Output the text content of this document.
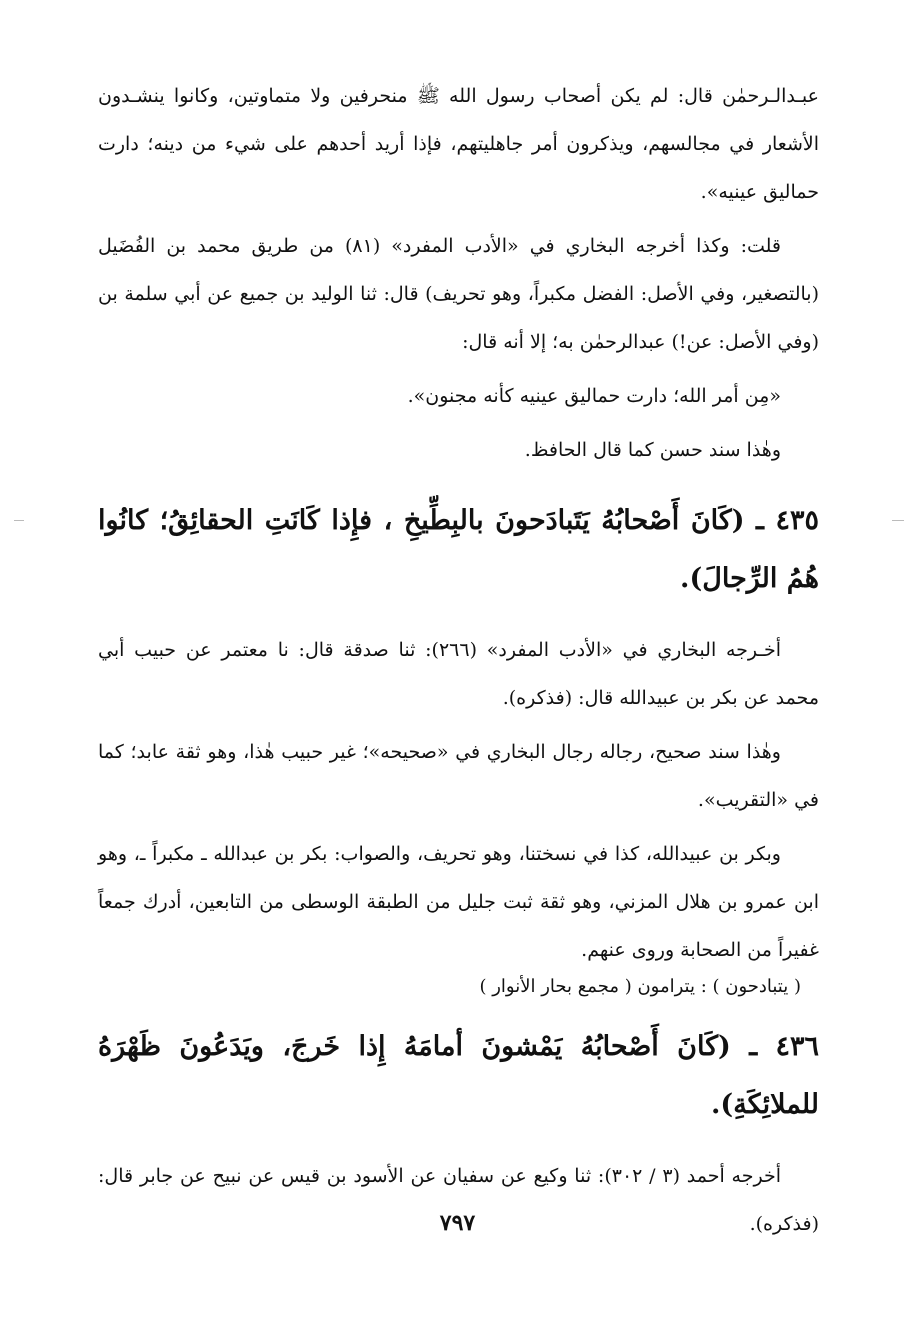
عبـدالـرحمٰن قال: لم يكن أصحاب رسول الله ﷺ منحرفين ولا متماوتين، وكانوا ينشـدون الأشعار في مجالسهم، ويذكرون أمر جاهليتهم، فإذا أريد أحدهم على شيء من دينه؛ دارت حماليق عينيه».

قلت: وكذا أخرجه البخاري في «الأدب المفرد» (٨١) من طريق محمد بن الفُضَيل (بالتصغير، وفي الأصل: الفضل مكبراً، وهو تحريف) قال: ثنا الوليد بن جميع عن أبي سلمة بن (وفي الأصل: عن!) عبدالرحمٰن به؛ إلا أنه قال:

«مِن أمر الله؛ دارت حماليق عينيه كأنه مجنون».

وهٰذا سند حسن كما قال الحافظ.

٤٣٥ ـ (كَانَ أَصْحابُهُ يَتَبادَحونَ بالبِطِّيخِ ، فإِذا كَانَتِ الحقائِقُ؛ كانُوا هُمُ الرِّجالَ).

أخـرجه البخاري في «الأدب المفرد» (٢٦٦): ثنا صدقة قال: نا معتمر عن حبيب أبي محمد عن بكر بن عبيدالله قال: (فذكره).

وهٰذا سند صحيح، رجاله رجال البخاري في «صحيحه»؛ غير حبيب هٰذا، وهو ثقة عابد؛ كما في «التقريب».

وبكر بن عبيدالله، كذا في نسختنا، وهو تحريف، والصواب: بكر بن عبدالله ـ مكبراً ـ، وهو ابن عمرو بن هلال المزني، وهو ثقة ثبت جليل من الطبقة الوسطى من التابعين، أدرك جمعاً غفيراً من الصحابة وروى عنهم.

( يتبادحون ) : يترامون ( مجمع بحار الأنوار )

٤٣٦ ـ (كَانَ أَصْحابُهُ يَمْشونَ أمامَهُ إِذا خَرجَ، ويَدَعُونَ ظَهْرَهُ للملائِكَةِ).

أخرجه أحمد (٣ / ٣٠٢): ثنا وكيع عن سفيان عن الأسود بن قيس عن نبيح عن جابر قال: (فذكره).

٧٩٧
